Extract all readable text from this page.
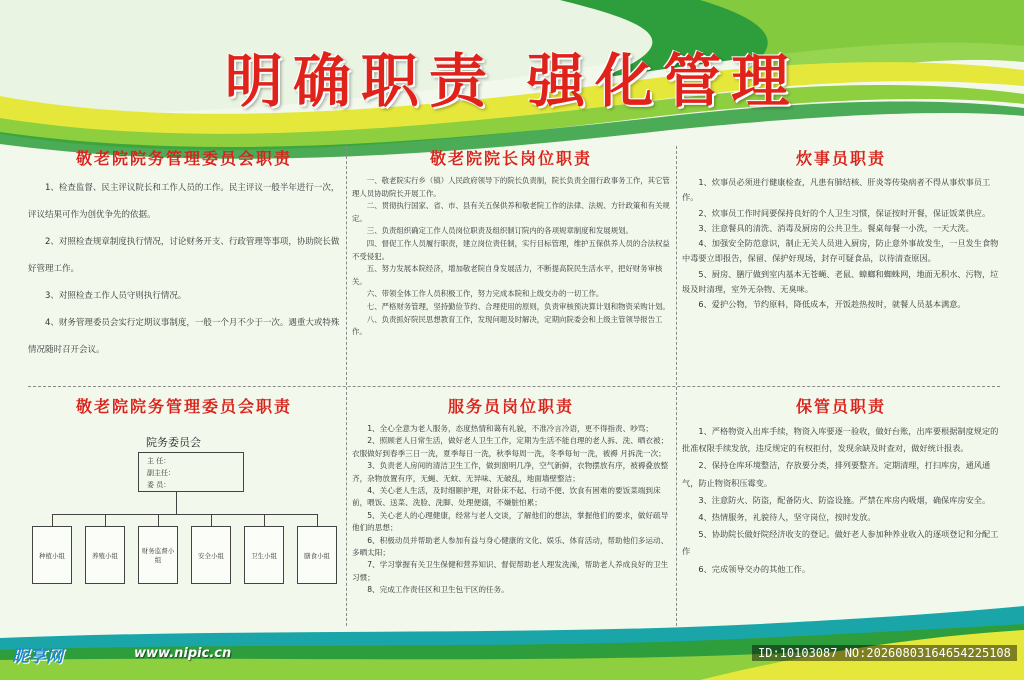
明确职责 强化管理
敬老院院务管理委员会职责

1、检查监督、民主评议院长和工作人员的工作。民主评议一般半年进行一次，评议结果可作为创优争先的依据。

2、对照检查规章制度执行情况，讨论财务开支、行政管理等事项，协助院长做好管理工作。

3、对照检查工作人员守则执行情况。

4、财务管理委员会实行定期议事制度，一般一个月不少于一次。遇重大或特殊情况随时召开会议。

敬老院院长岗位职责

一、敬老院实行乡（镇）人民政府领导下的院长负责制，院长负责全面行政事务工作，其它管理人员协助院长开展工作。

二、贯彻执行国家、省、市、县有关五保供养和敬老院工作的法律、法规、方针政策和有关规定。

三、负责组织确定工作人员岗位职责及组织制订院内的各项规章制度和发展规划。

四、督促工作人员履行职责，建立岗位责任制，实行目标管理，维护五保供养人员的合法权益不受侵犯。

五、努力发展本院经济，增加敬老院自身发展活力，不断提高院民生活水平，把好财务审核关。

六、带领全体工作人员积极工作，努力完成本院和上级交办的一切工作。

七、严格财务管理，坚持勤俭节约、合理使用的原则，负责审核预决算计划和物资采购计划。

八、负责抓好院民思想教育工作，发现问题及时解决，定期向院委会和上级主管领导报告工作。

炊事员职责

1、炊事员必须进行健康检查，凡患有肺结核、肝炎等传染病者不得从事炊事员工作。

2、炊事员工作时间要保持良好的个人卫生习惯，保证按时开餐，保证饭菜供应。

3、注意餐具的清洗、消毒及厨房的公共卫生。餐桌每餐一小洗，一天大洗。

4、加强安全防范意识，制止无关人员进入厨房，防止意外事故发生，一旦发生食物中毒要立即报告，保留、保护好现场，封存可疑食品，以待清查原因。

5、厨房、膳厅做到室内基本无苍蝇、老鼠、蟑螂和蜘蛛网，地面无积水、污物，垃圾及时清理，室外无杂物、无臭味。

6、爱护公物，节约原料，降低成本，开饭趁热按时，就餐人员基本满意。

敬老院院务管理委员会职责
院务委员会
主 任：
副主任：
委 员：
种植小组	养殖小组
财务监督小组
安全小组	卫生小组	膳食小组
服务员岗位职责

1、全心全意为老人服务，态度热情和蔼有礼貌，不准冷言冷语，更不得指责、吵骂；

2、照顾老人日常生活，做好老人卫生工作，定期为生活不能自理的老人拆、洗、晒衣被；衣服做好到春季三日一洗，夏季每日一洗，秋季每周一洗，冬季每旬一洗，被褥 月拆洗一次；

3、负责老人房间的清洁卫生工作，做到窗明几净，空气新鲜，衣物摆放有序，被褥叠放整齐，杂物放置有序，无蝇、无蚊、无异味、无破乱，地面墙壁整洁；

4、关心老人生活，及时细颐护理，对卧床不起、行动不便、饮食有困难的要饭菜端到床前，喂饭、送菜、洗脸、洗脚、处理便溺，不嫌脏怕累；

5、关心老人的心理健康，经常与老人交谈，了解他们的想法，掌握他们的要求，做好疏导他们的思想；

6、积极动员并帮助老人参加有益与身心健康的文化、娱乐、体育活动，帮助他们多运动、多晒太阳；

7、学习掌握有关卫生保健和营养知识、督促帮助老人理发洗澡，帮助老人养成良好的卫生习惯；

8、完成工作责任区和卫生包干区的任务。

保管员职责

1、严格物资入出库手续，物资入库要逐一验收，做好台账，出库要根据制度规定的批准权限手续发放，违反规定的有权拒付，发现余缺及时查对，做好统计报表。

2、保持仓库环境整洁，存放要分类，排列要整齐。定期清理，打扫库房，通风通气，防止物资积压霉变。

3、注意防火、防盗，配备防火、防盗设施。严禁在库房内吸烟，确保库房安全。

4、热情服务，礼貌待人，坚守岗位，按时发放。

5、协助院长做好院经济收支的登记。做好老人参加种养业收入的逐项登记和分配工作

6、完成领导交办的其他工作。

昵享网	www.nipic.cn	ID:10103087 NO:20260803164654225108
